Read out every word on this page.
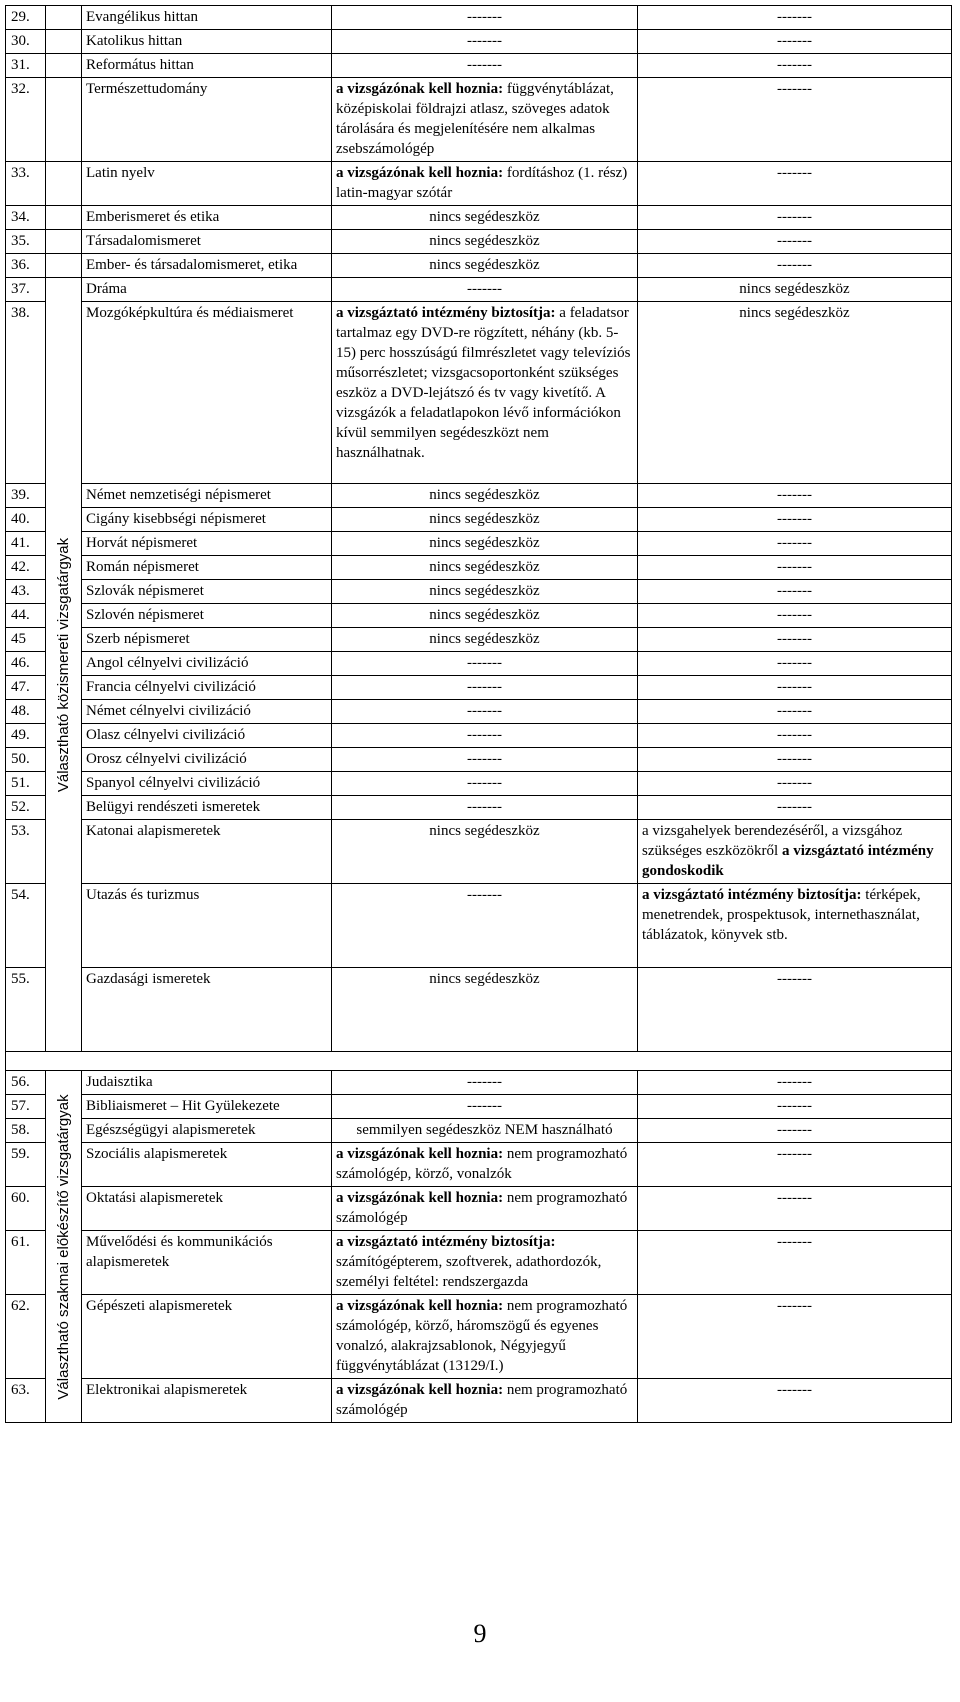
29.		Evangélikus hittan	-------	-------
30.		Katolikus hittan	-------	-------
31.		Református hittan	-------	-------
32.		Természettudomány	a vizsgázónak kell hoznia: függvénytáblázat, középiskolai földrajzi atlasz, szöveges adatok tárolására és megjelenítésére nem alkalmas zsebszámológép	-------
33.		Latin nyelv	a vizsgázónak kell hoznia: fordításhoz (1. rész) latin-magyar szótár	-------
34.		Emberismeret és etika	nincs segédeszköz	-------
35.		Társadalomismeret	nincs segédeszköz	-------
36.		Ember- és társadalomismeret, etika	nincs segédeszköz	-------
37.	Választható közismereti vizsgatárgyak	Dráma	-------	nincs segédeszköz
38.		Mozgóképkultúra és médiaismeret	a vizsgáztató intézmény biztosítja: a feladatsor tartalmaz egy DVD-re rögzített, néhány (kb. 5-15) perc hosszúságú filmrészletet vagy televíziós műsorrészletet; vizsgacsoportonként szükséges eszköz a DVD-lejátszó és tv vagy kivetítő. A vizsgázók a feladatlapokon lévő információkon kívül semmilyen segédeszközt nem használhatnak.	nincs segédeszköz
39.		Német nemzetiségi népismeret	nincs segédeszköz	-------
40.		Cigány kisebbségi népismeret	nincs segédeszköz	-------
41.		Horvát népismeret	nincs segédeszköz	-------
42.		Román népismeret	nincs segédeszköz	-------
43.		Szlovák népismeret	nincs segédeszköz	-------
44.		Szlovén népismeret	nincs segédeszköz	-------
45		Szerb népismeret	nincs segédeszköz	-------
46.		Angol célnyelvi civilizáció	-------	-------
47.		Francia célnyelvi civilizáció	-------	-------
48.		Német célnyelvi civilizáció	-------	-------
49.		Olasz célnyelvi civilizáció	-------	-------
50.		Orosz célnyelvi civilizáció	-------	-------
51.		Spanyol célnyelvi civilizáció	-------	-------
52.		Belügyi rendészeti ismeretek	-------	-------
53.		Katonai alapismeretek	nincs segédeszköz	a vizsgahelyek berendezéséről, a vizsgához szükséges eszközökről a vizsgáztató intézmény gondoskodik
54.		Utazás és turizmus	-------	a vizsgáztató intézmény biztosítja: térképek, menetrendek, prospektusok, internethasználat, táblázatok, könyvek stb.
55.		Gazdasági ismeretek	nincs segédeszköz	-------

56.	Választható szakmai előkészítő vizsgatárgyak	Judaisztika	-------	-------
57.		Bibliaismeret – Hit Gyülekezete	-------	-------
58.		Egészségügyi alapismeretek	semmilyen segédeszköz NEM használható	-------
59.		Szociális alapismeretek	a vizsgázónak kell hoznia: nem programozható számológép, körző, vonalzók	-------
60.		Oktatási alapismeretek	a vizsgázónak kell hoznia: nem programozható számológép	-------
61.		Művelődési és kommunikációs alapismeretek	a vizsgáztató intézmény biztosítja: számítógépterem, szoftverek, adathordozók, személyi feltétel: rendszergazda	-------
62.		Gépészeti alapismeretek	a vizsgázónak kell hoznia: nem programozható számológép, körző, háromszögű és egyenes vonalzó, alakrajzsablonok, Négyjegyű függvénytáblázat (13129/I.)	-------
63.		Elektronikai alapismeretek	a vizsgázónak kell hoznia: nem programozható számológép	-------
9
